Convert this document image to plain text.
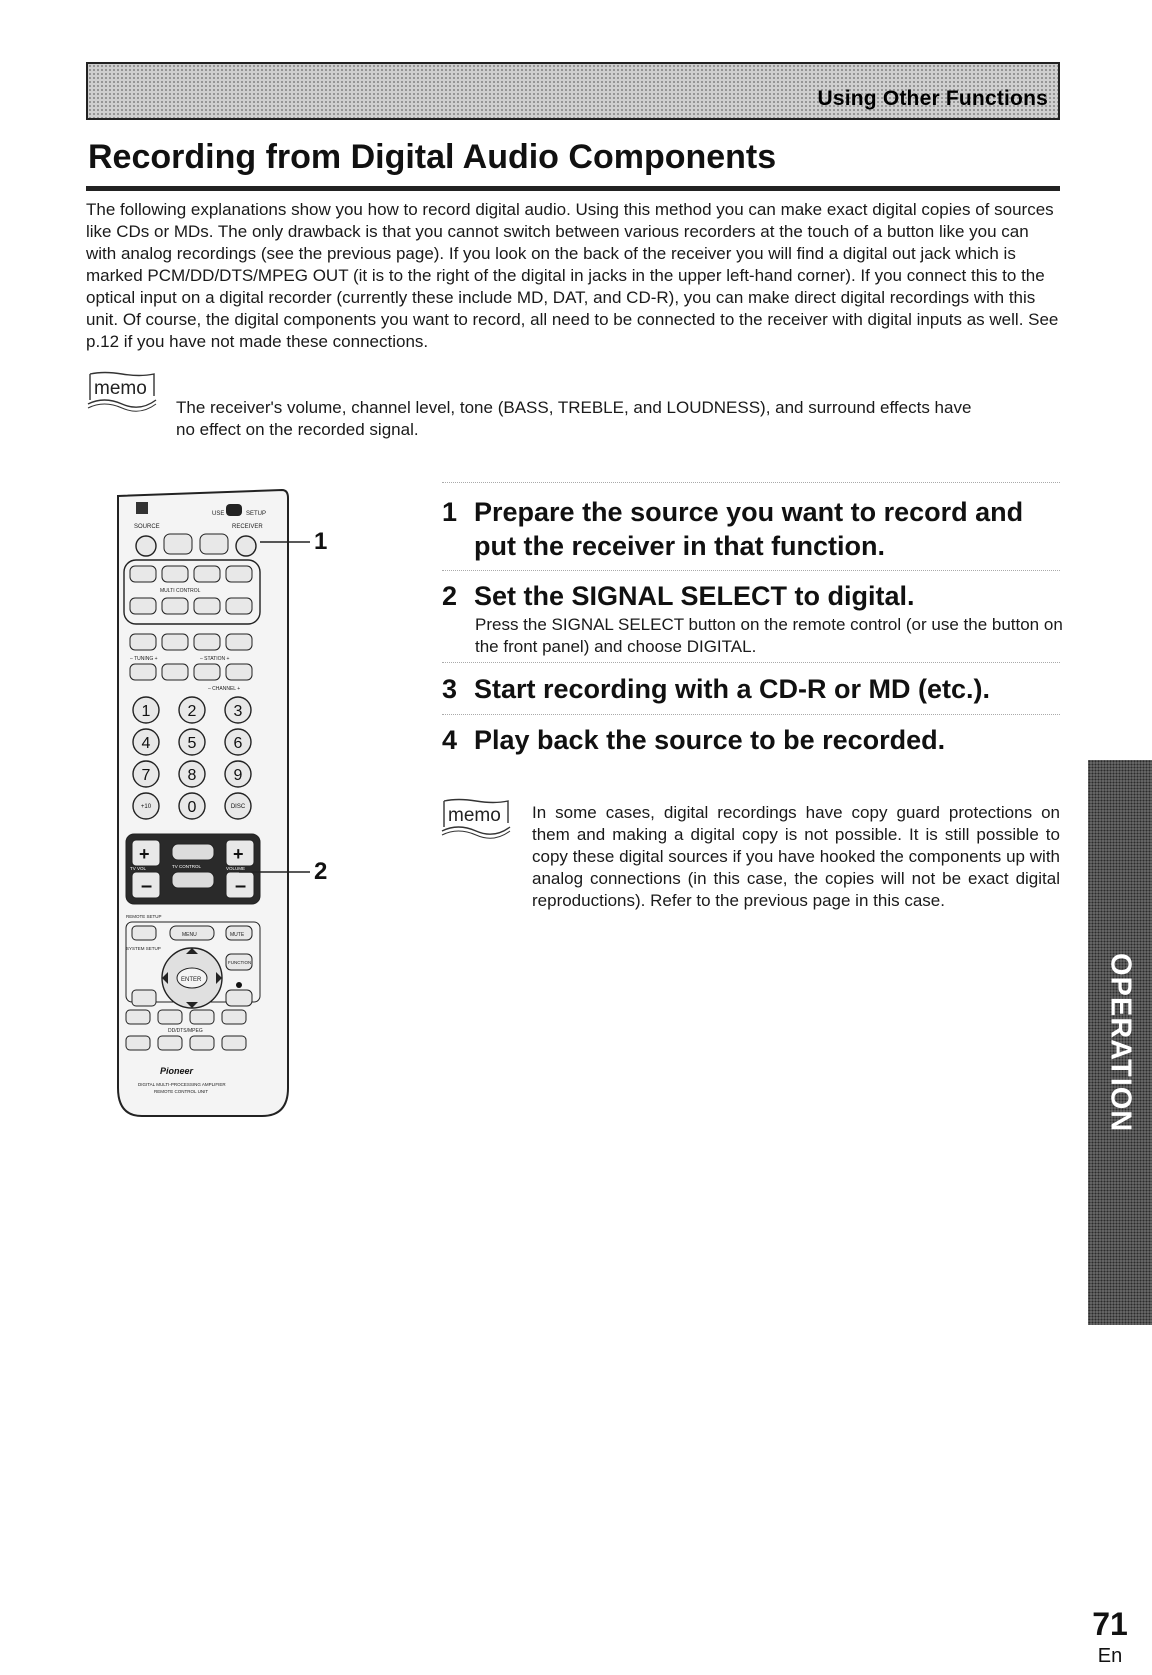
Using Other Functions
Recording from Digital Audio Components

The following explanations show you how to record digital audio. Using this method you can make exact digital copies of sources like CDs or MDs. The only drawback is that you cannot switch between various recorders at the touch of a button like you can with analog recordings (see the previous page). If you look on the back of the receiver you will find a digital out jack which is marked PCM/DD/DTS/MPEG OUT (it is to the right of the digital in jacks in the upper left-hand corner). If you connect this to the optical input on a digital recorder (currently these include MD, DAT, and CD-R), you can make direct digital recordings with this unit. Of course, the digital components you want to record, all need to be connected to the receiver with digital inputs as well. See p.12 if you have not made these connections.

memo
The receiver's volume, channel level, tone (BASS, TREBLE, and LOUDNESS), and surround effects have no effect on the recorded signal.
USE	SETUP
SOURCE	RECEIVER
MULTI CONTROL
– TUNING +	– STATION +
– CHANNEL +
1 2 3
4 5 6
7 8 9
+10 0	DISC
+
–
+
–
TV VOL	TV CONTROL	VOLUME
REMOTE SETUP
MENU	MUTE
SYSTEM SETUP
ENTER
FUNCTION
DD/DTS/MPEG
Pioneer
DIGITAL MULTI-PROCESSING AMPLIFIER
REMOTE CONTROL UNIT
1
2
1 Prepare the source you want to record and put the receiver in that function.
2 Set the SIGNAL SELECT to digital.
Press the SIGNAL SELECT button on the remote control (or use the button on the front panel) and choose DIGITAL.
3 Start recording with a CD-R or MD (etc.).
4 Play back the source to be recorded.
memo In some cases, digital recordings have copy guard protections on them and making a digital copy is not possible. It is still possible to copy these digital sources if you have hooked the components up with analog connections (in this case, the copies will not be exact digital reproductions). Refer to the previous page in this case.
OPERATION
71
En
